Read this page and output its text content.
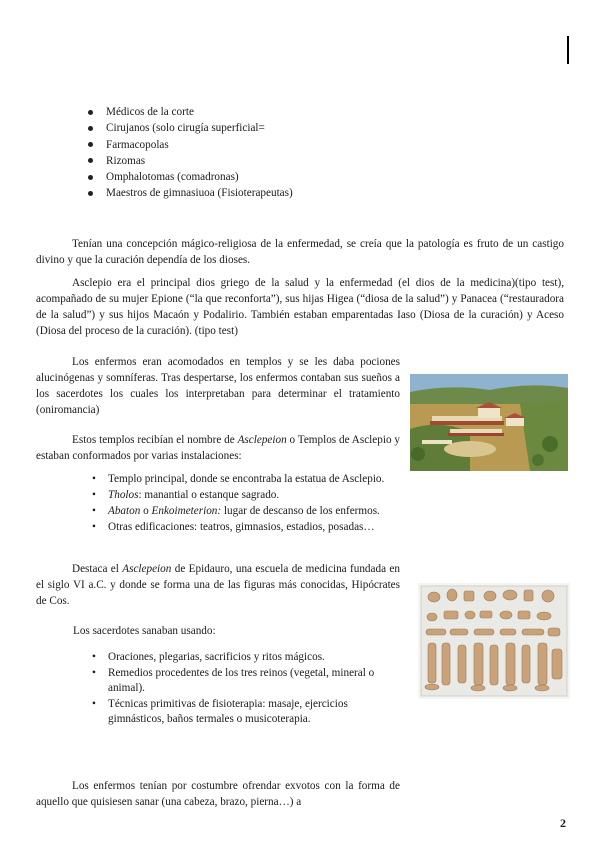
Médicos de la corte
Cirujanos (solo cirugía superficial=
Farmacopolas
Rizomas
Omphalotomas (comadronas)
Maestros de gimnasiuoa (Fisioterapeutas)

Tenían una concepción mágico-religiosa de la enfermedad, se creía que la patología es fruto de un castigo divino y que la curación dependía de los dioses.

Asclepio era el principal dios griego de la salud y la enfermedad (el dios de la medicina)(tipo test), acompañado de su mujer Epione (“la que reconforta”), sus hijas Higea (“diosa de la salud”) y Panacea (“restauradora de la salud”) y sus hijos Macaón y Podalirio. También estaban emparentadas Iaso (Diosa de la curación) y Aceso (Diosa del proceso de la curación). (tipo test)

Los enfermos eran acomodados en templos y se les daba pociones alucinógenas y somníferas. Tras despertarse, los enfermos contaban sus sueños a los sacerdotes los cuales los interpretaban para determinar el tratamiento (oniromancia)

Estos templos recibían el nombre de Asclepeion o Templos de Asclepio y estaban conformados por varias instalaciones:

• Templo principal, donde se encontraba la estatua de Asclepio.
• Tholos: manantial o estanque sagrado.
• Abaton o Enkoimeterion: lugar de descanso de los enfermos.
• Otras edificaciones: teatros, gimnasios, estadios, posadas…

Destaca el Asclepeion de Epidauro, una escuela de medicina fundada en el siglo VI a.C. y donde se forma una de las figuras más conocidas, Hipócrates de Cos.

Los sacerdotes sanaban usando:

• Oraciones, plegarias, sacrificios y ritos mágicos.
• Remedios procedentes de los tres reinos (vegetal, mineral o animal).
• Técnicas primitivas de fisioterapia: masaje, ejercicios gimnásticos, baños termales o musicoterapia.

Los enfermos tenían por costumbre ofrendar exvotos con la forma de aquello que quisiesen sanar (una cabeza, brazo, pierna…) a

2
